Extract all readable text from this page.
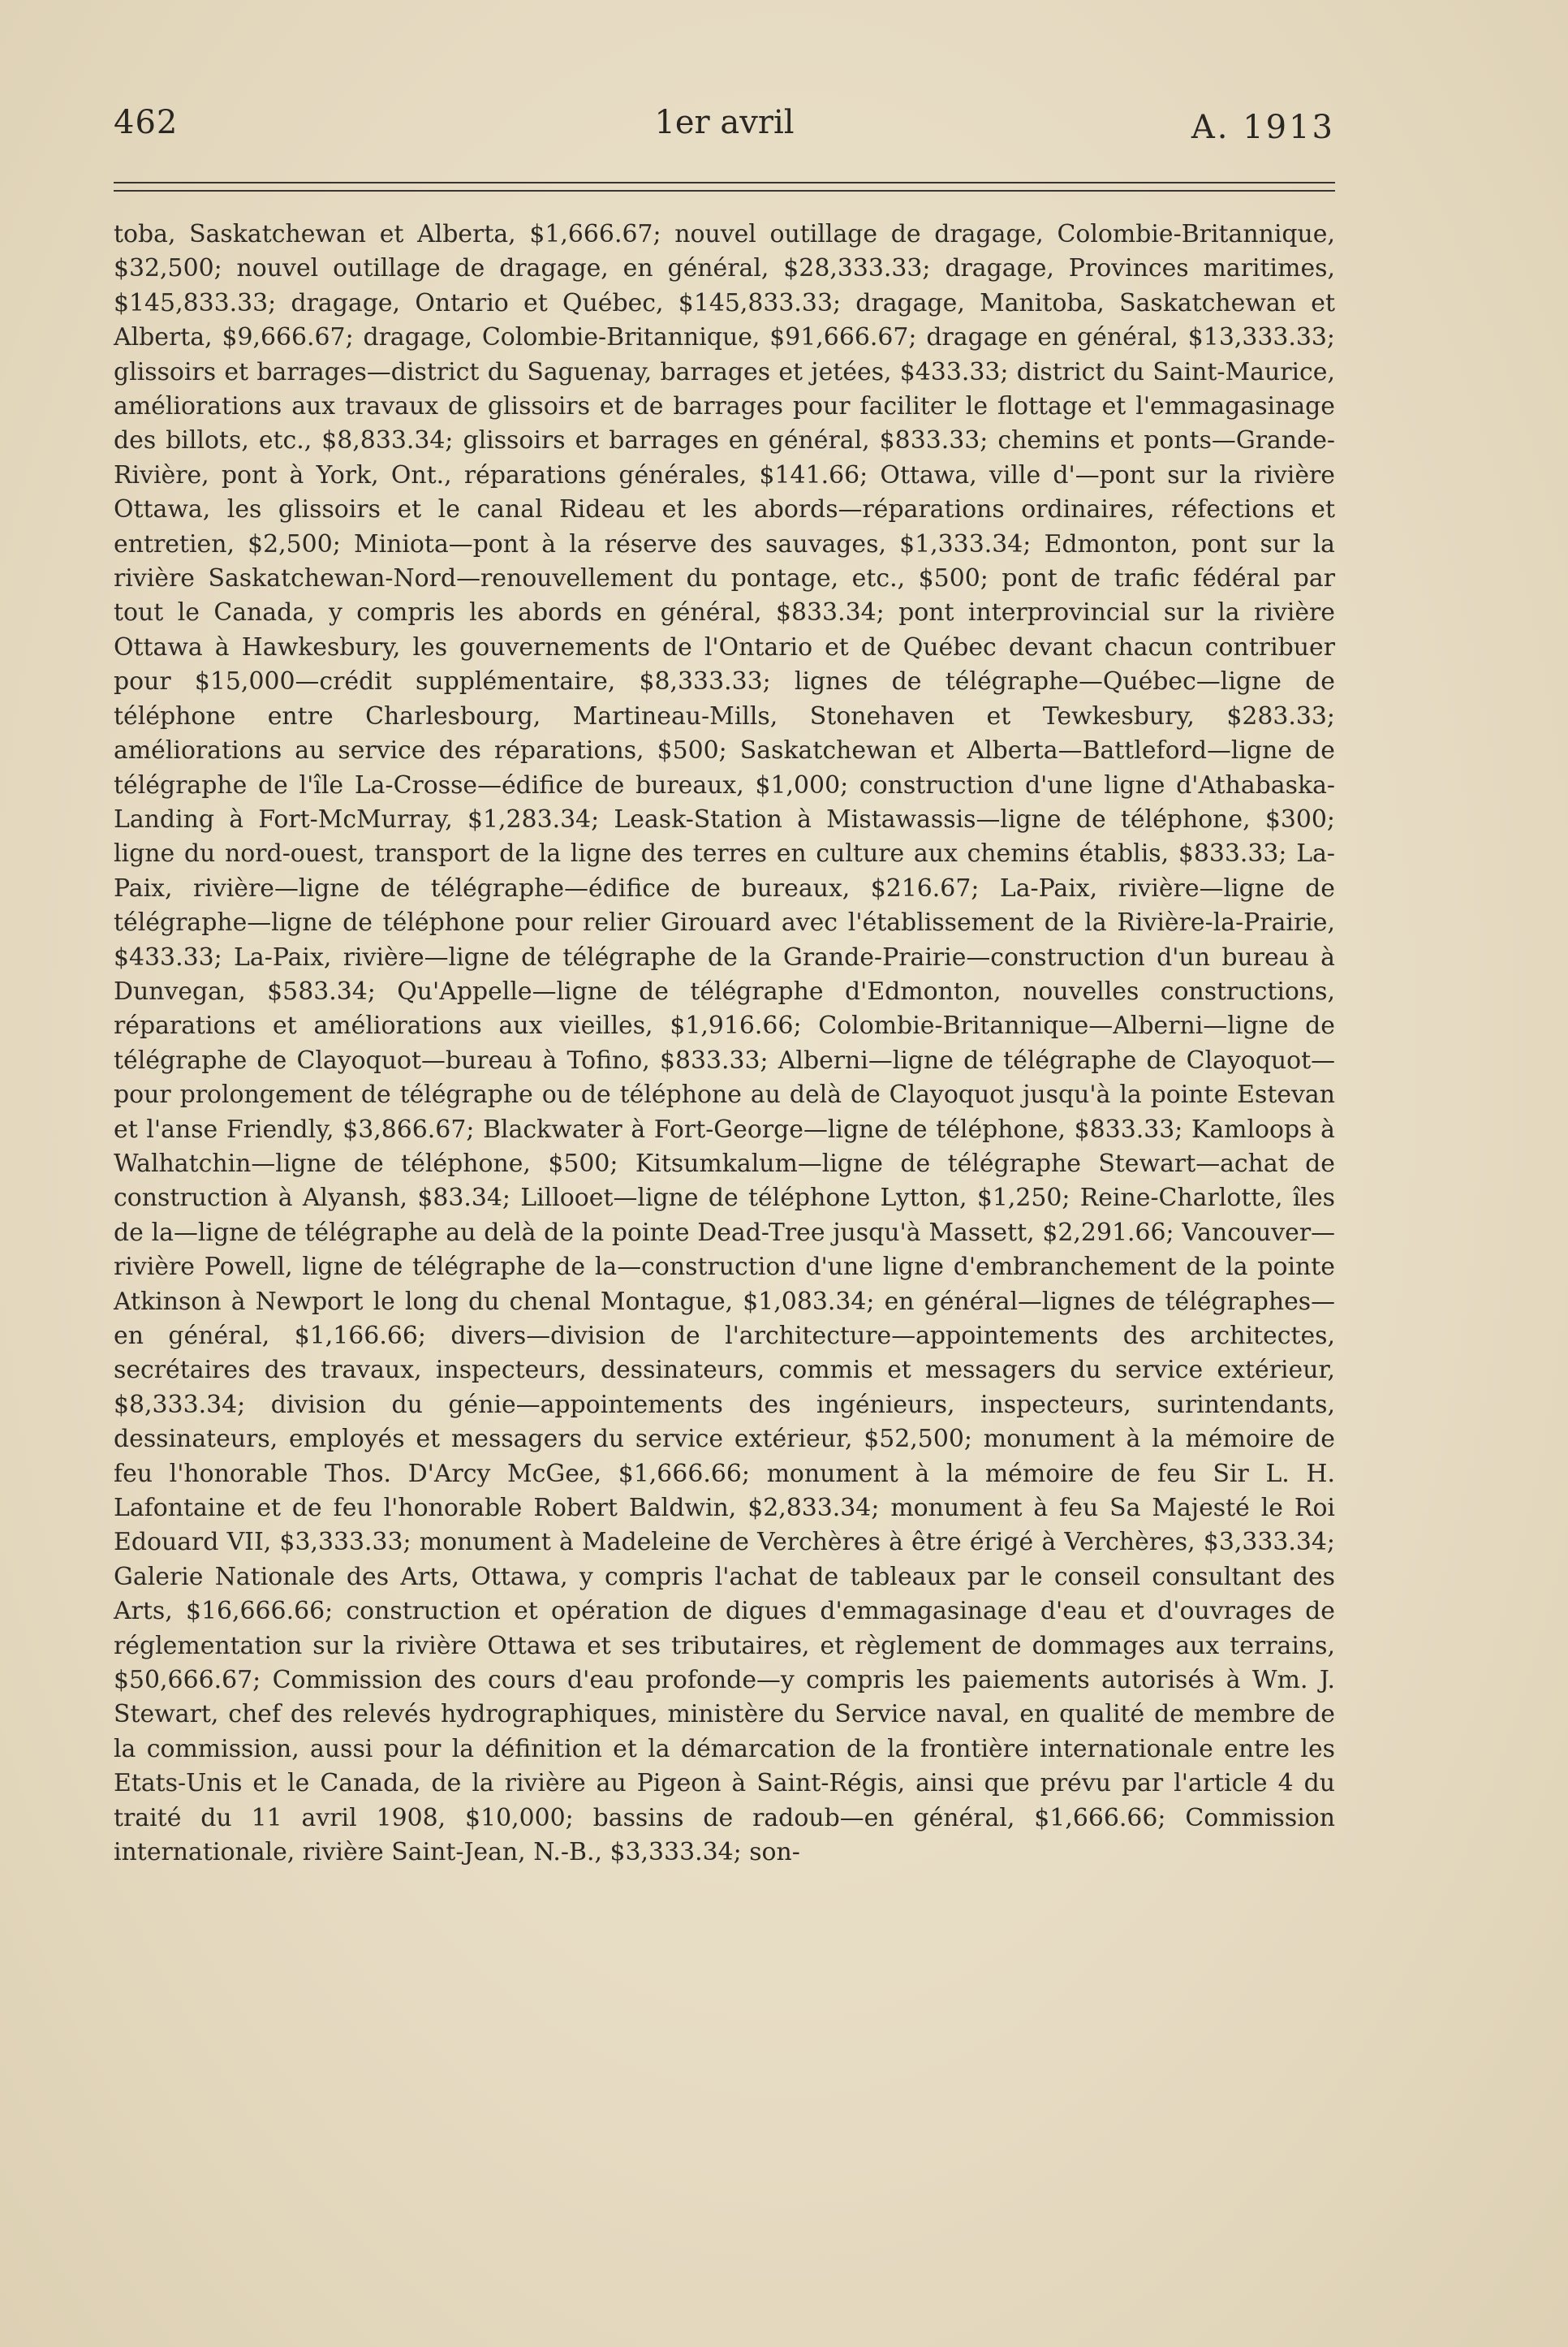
462	1er avril	A. 1913

toba, Saskatchewan et Alberta, $1,666.67; nouvel outillage de dragage, Colombie-Britannique, $32,500; nouvel outillage de dragage, en général, $28,333.33; dragage, Provinces maritimes, $145,833.33; dragage, Ontario et Québec, $145,833.33; dragage, Manitoba, Saskatchewan et Alberta, $9,666.67; dragage, Colombie-Britannique, $91,666.67; dragage en général, $13,333.33; glissoirs et barrages—district du Saguenay, barrages et jetées, $433.33; district du Saint-Maurice, améliorations aux travaux de glissoirs et de barrages pour faciliter le flottage et l'emmagasinage des billots, etc., $8,833.34; glissoirs et barrages en général, $833.33; chemins et ponts—Grande-Rivière, pont à York, Ont., réparations générales, $141.66; Ottawa, ville d'—pont sur la rivière Ottawa, les glissoirs et le canal Rideau et les abords—réparations ordinaires, réfections et entretien, $2,500; Miniota—pont à la réserve des sauvages, $1,333.34; Edmonton, pont sur la rivière Saskatchewan-Nord—renouvellement du pontage, etc., $500; pont de trafic fédéral par tout le Canada, y compris les abords en général, $833.34; pont interprovincial sur la rivière Ottawa à Hawkesbury, les gouvernements de l'Ontario et de Québec devant chacun contribuer pour $15,000—crédit supplémentaire, $8,333.33; lignes de télégraphe—Québec—ligne de téléphone entre Charlesbourg, Martineau-Mills, Stonehaven et Tewkesbury, $283.33; améliorations au service des réparations, $500; Saskatchewan et Alberta—Battleford—ligne de télégraphe de l'île La-Crosse—édifice de bureaux, $1,000; construction d'une ligne d'Athabaska-Landing à Fort-McMurray, $1,283.34; Leask-Station à Mistawassis—ligne de téléphone, $300; ligne du nord-ouest, transport de la ligne des terres en culture aux chemins établis, $833.33; La-Paix, rivière—ligne de télégraphe—édifice de bureaux, $216.67; La-Paix, rivière—ligne de télégraphe—ligne de téléphone pour relier Girouard avec l'établissement de la Rivière-la-Prairie, $433.33; La-Paix, rivière—ligne de télégraphe de la Grande-Prairie—construction d'un bureau à Dunvegan, $583.34; Qu'Appelle—ligne de télégraphe d'Edmonton, nouvelles constructions, réparations et améliorations aux vieilles, $1,916.66; Colombie-Britannique—Alberni—ligne de télégraphe de Clayoquot—bureau à Tofino, $833.33; Alberni—ligne de télégraphe de Clayoquot—pour prolongement de télégraphe ou de téléphone au delà de Clayoquot jusqu'à la pointe Estevan et l'anse Friendly, $3,866.67; Blackwater à Fort-George—ligne de téléphone, $833.33; Kamloops à Walhatchin—ligne de téléphone, $500; Kitsumkalum—ligne de télégraphe Stewart—achat de construction à Alyansh, $83.34; Lillooet—ligne de téléphone Lytton, $1,250; Reine-Charlotte, îles de la—ligne de télégraphe au delà de la pointe Dead-Tree jusqu'à Massett, $2,291.66; Vancouver—rivière Powell, ligne de télégraphe de la—construction d'une ligne d'embranchement de la pointe Atkinson à Newport le long du chenal Montague, $1,083.34; en général—lignes de télégraphes—en général, $1,166.66; divers—division de l'architecture—appointements des architectes, secrétaires des travaux, inspecteurs, dessinateurs, commis et messagers du service extérieur, $8,333.34; division du génie—appointements des ingénieurs, inspecteurs, surintendants, dessinateurs, employés et messagers du service extérieur, $52,500; monument à la mémoire de feu l'honorable Thos. D'Arcy McGee, $1,666.66; monument à la mémoire de feu Sir L. H. Lafontaine et de feu l'honorable Robert Baldwin, $2,833.34; monument à feu Sa Majesté le Roi Edouard VII, $3,333.33; monument à Madeleine de Verchères à être érigé à Verchères, $3,333.34; Galerie Nationale des Arts, Ottawa, y compris l'achat de tableaux par le conseil consultant des Arts, $16,666.66; construction et opération de digues d'emmagasinage d'eau et d'ouvrages de réglementation sur la rivière Ottawa et ses tributaires, et règlement de dommages aux terrains, $50,666.67; Commission des cours d'eau profonde—y compris les paiements autorisés à Wm. J. Stewart, chef des relevés hydrographiques, ministère du Service naval, en qualité de membre de la commission, aussi pour la définition et la démarcation de la frontière internationale entre les Etats-Unis et le Canada, de la rivière au Pigeon à Saint-Régis, ainsi que prévu par l'article 4 du traité du 11 avril 1908, $10,000; bassins de radoub—en général, $1,666.66; Commission internationale, rivière Saint-Jean, N.-B., $3,333.34; son-
